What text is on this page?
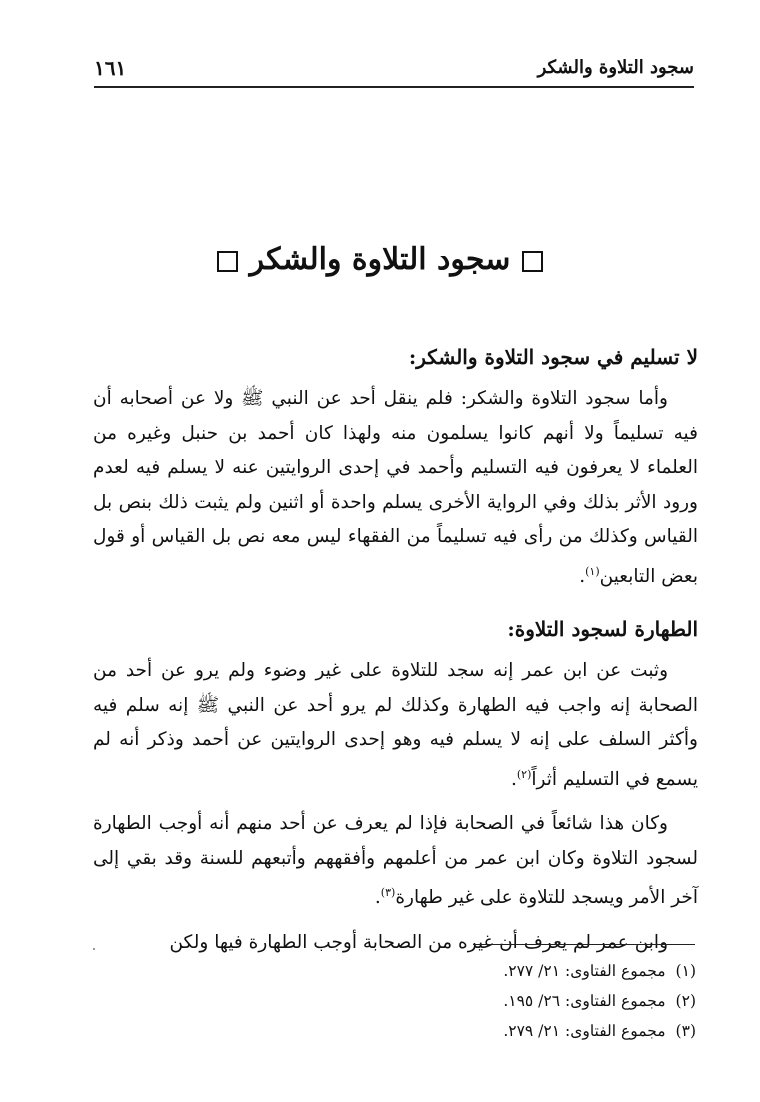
سجود التلاوة والشكر
١٦١
سجود التلاوة والشكر
لا تسليم في سجود التلاوة والشكر:

وأما سجود التلاوة والشكر: فلم ينقل أحد عن النبي ﷺ ولا عن أصحابه أن فيه تسليماً ولا أنهم كانوا يسلمون منه ولهذا كان أحمد بن حنبل وغيره من العلماء لا يعرفون فيه التسليم وأحمد في إحدى الروايتين عنه لا يسلم فيه لعدم ورود الأثر بذلك وفي الرواية الأخرى يسلم واحدة أو اثنين ولم يثبت ذلك بنص بل القياس وكذلك من رأى فيه تسليماً من الفقهاء ليس معه نص بل القياس أو قول بعض التابعين$^{(١)}$.

الطهارة لسجود التلاوة:

وثبت عن ابن عمر إنه سجد للتلاوة على غير وضوء ولم يرو عن أحد من الصحابة إنه واجب فيه الطهارة وكذلك لم يرو أحد عن النبي ﷺ إنه سلم فيه وأكثر السلف على إنه لا يسلم فيه وهو إحدى الروايتين عن أحمد وذكر أنه لم يسمع في التسليم أثراً$^{(٢)}$.

وكان هذا شائعاً في الصحابة فإذا لم يعرف عن أحد منهم أنه أوجب الطهارة لسجود التلاوة وكان ابن عمر من أعلمهم وأفقههم وأتبعهم للسنة وقد بقي إلى آخر الأمر ويسجد للتلاوة على غير طهارة$^{(٣)}$.

وابن عمر لم يعرف أن غيره من الصحابة أوجب الطهارة فيها ولكن

(١)مجموع الفتاوى: ٢١/ ٢٧٧.
(٢)مجموع الفتاوى: ٢٦/ ١٩٥.
(٣)مجموع الفتاوى: ٢١/ ٢٧٩.
